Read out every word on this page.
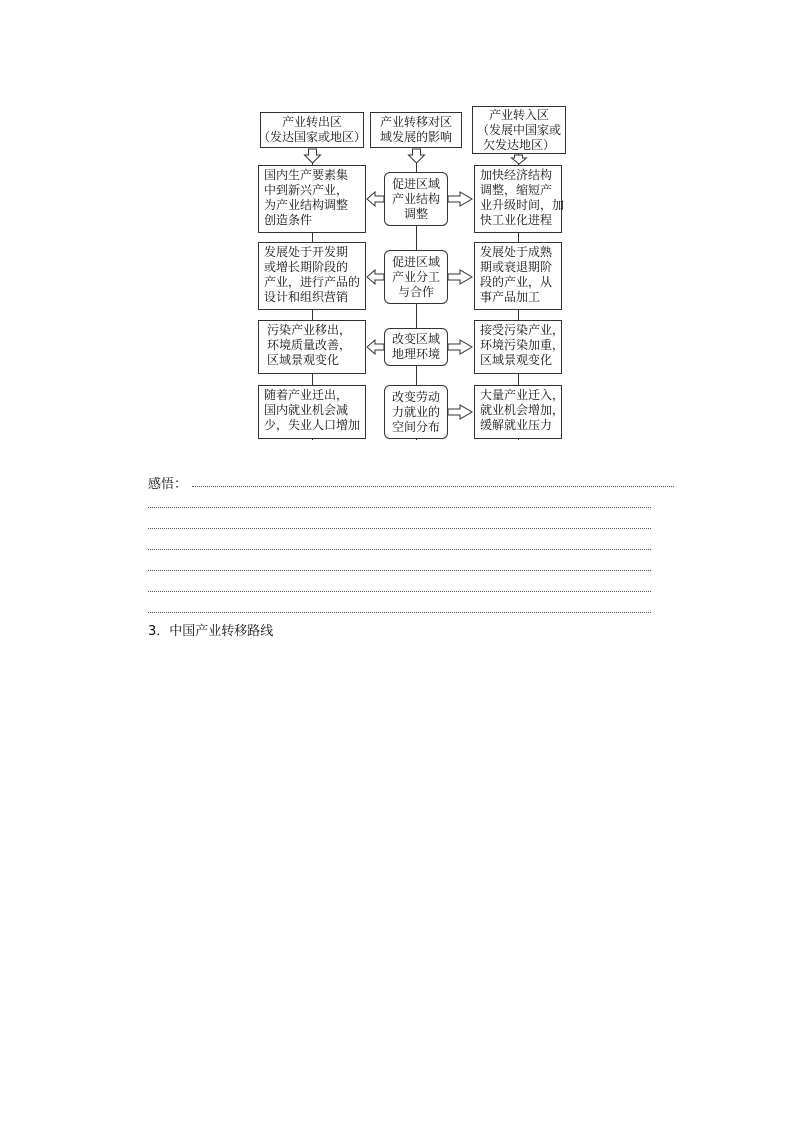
产业转出区
（发达国家或地区）
产业转移对区
域发展的影响
产业转入区
（发展中国家或
欠发达地区）
国内生产要素集
中到新兴产业，
为产业结构调整
创造条件
促进区域
产业结构
调整
加快经济结构
调整，缩短产
业升级时间，加
快工业化进程
发展处于开发期
或增长期阶段的
产业，进行产品的
设计和组织营销
促进区域
产业分工
与合作
发展处于成熟
期或衰退期阶
段的产业，从
事产品加工
污染产业移出，
环境质量改善，
区域景观变化
改变区域
地理环境
接受污染产业，
环境污染加重，
区域景观变化
随着产业迁出，
国内就业机会减
少，失业人口增加
改变劳动
力就业的
空间分布
大量产业迁入，
就业机会增加，
缓解就业压力
感悟：
3．中国产业转移路线
